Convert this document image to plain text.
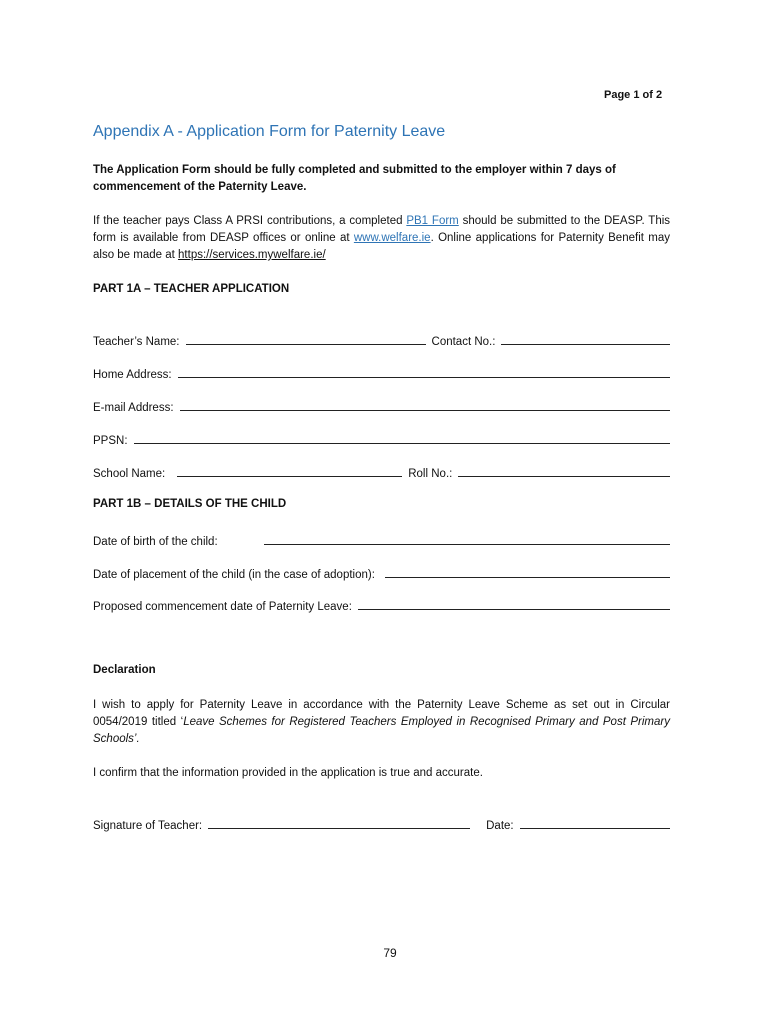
Page 1 of 2
Appendix A - Application Form for Paternity Leave
The Application Form should be fully completed and submitted to the employer within 7 days of commencement of the Paternity Leave.
If the teacher pays Class A PRSI contributions, a completed PB1 Form should be submitted to the DEASP. This form is available from DEASP offices or online at www.welfare.ie. Online applications for Paternity Benefit may also be made at https://services.mywelfare.ie/
PART 1A – TEACHER APPLICATION
Teacher’s Name:	Contact No.:
Home Address:
E-mail Address:
PPSN:
School Name:	Roll No.:
PART 1B – DETAILS OF THE CHILD
Date of birth of the child:
Date of placement of the child (in the case of adoption):
Proposed commencement date of Paternity Leave:
Declaration
I wish to apply for Paternity Leave in accordance with the Paternity Leave Scheme as set out in Circular 0054/2019 titled ‘Leave Schemes for Registered Teachers Employed in Recognised Primary and Post Primary Schools’.
I confirm that the information provided in the application is true and accurate.
Signature of Teacher:	Date:
79
